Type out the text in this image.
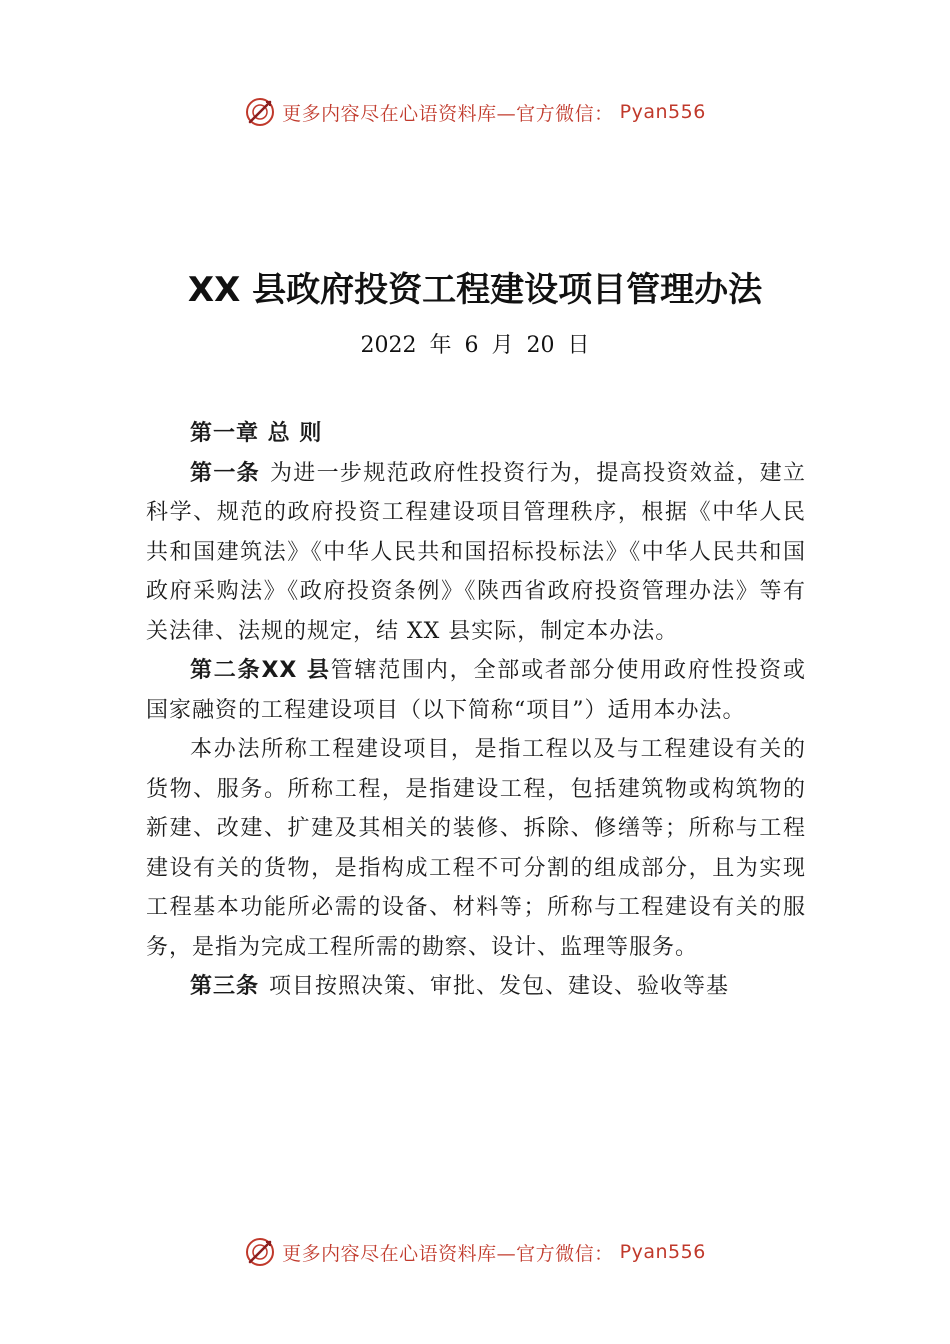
更多内容尽在心语资料库—官方微信： Pyan556
XX 县政府投资工程建设项目管理办法
2022 年 6 月 20 日

第一章 总 则

第一条 为进一步规范政府性投资行为，提高投资效益，建立科学、规范的政府投资工程建设项目管理秩序，根据《中华人民共和国建筑法》《中华人民共和国招标投标法》《中华人民共和国政府采购法》《政府投资条例》《陕西省政府投资管理办法》等有关法律、法规的规定，结 XX 县实际，制定本办法。

第二条XX 县管辖范围内，全部或者部分使用政府性投资或国家融资的工程建设项目（以下简称“项目”）适用本办法。

本办法所称工程建设项目，是指工程以及与工程建设有关的货物、服务。所称工程，是指建设工程，包括建筑物或构筑物的新建、改建、扩建及其相关的装修、拆除、修缮等；所称与工程建设有关的货物，是指构成工程不可分割的组成部分，且为实现工程基本功能所必需的设备、材料等；所称与工程建设有关的服务，是指为完成工程所需的勘察、设计、监理等服务。

第三条 项目按照决策、审批、发包、建设、验收等基

更多内容尽在心语资料库—官方微信： Pyan556
